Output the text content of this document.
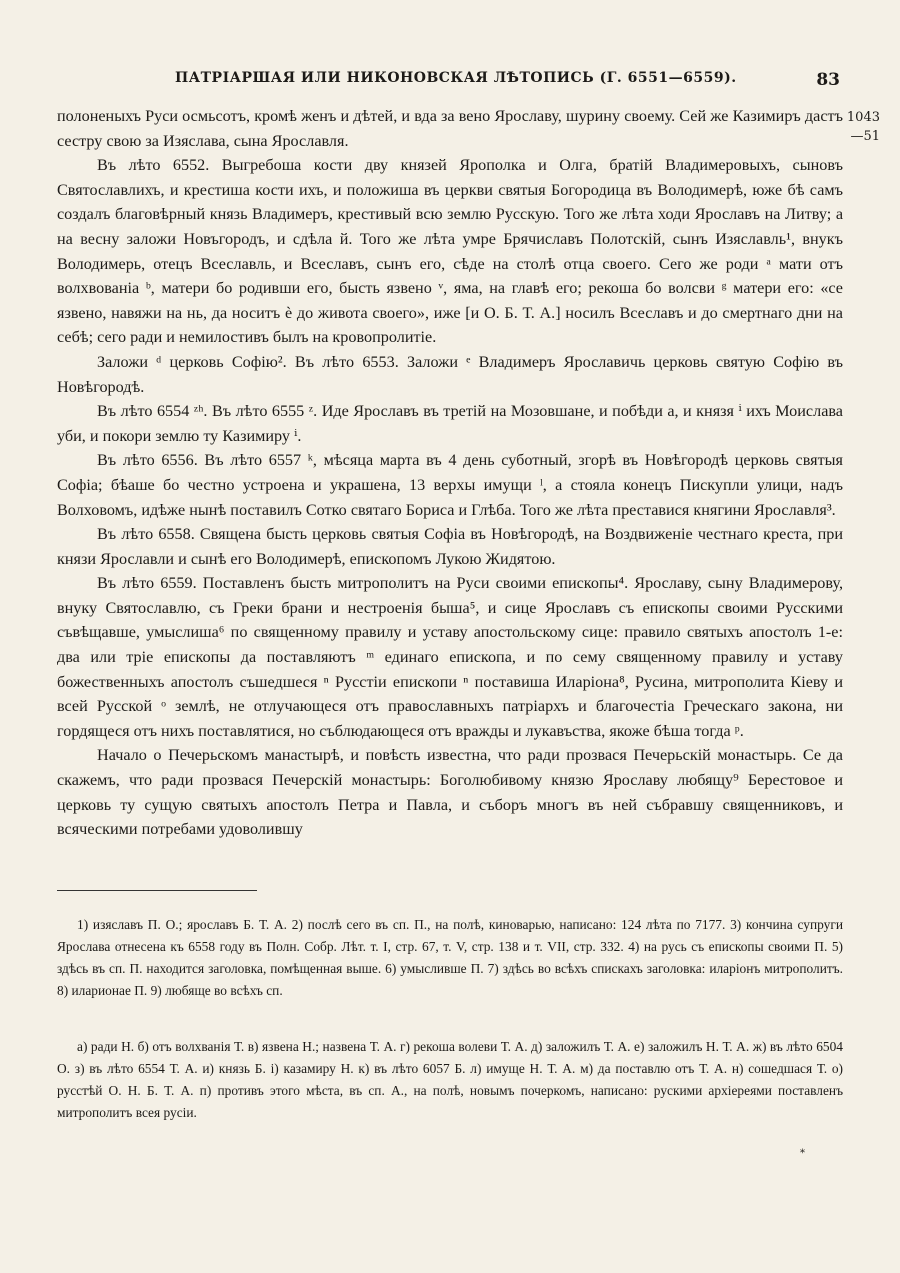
ПАТРІАРШАЯ ИЛИ НИКОНОВСКАЯ ЛѢТОПИСЬ (Г. 6551—6559).	83
1043
—51

полоненыхъ Руси осмьсотъ, кромѣ женъ и дѣтей, и вда за вено Ярославу, шурину своему. Сей же Казимиръ дастъ сестру свою за Изяслава, сына Ярославля.

Въ лѣто 6552. Выгребоша кости дву князей Ярополка и Олга, братій Владимеровыхъ, сыновъ Святославлихъ, и крестиша кости ихъ, и положиша въ церкви святыя Богородица въ Володимерѣ, юже бѣ самъ создалъ благовѣрный князь Владимеръ, крестивый всю землю Русскую. Того же лѣта ходи Ярославъ на Литву; а на весну заложи Новъгородъ, и сдѣла й. Того же лѣта умре Брячиславъ Полотскій, сынъ Изяславль¹, внукъ Володимерь, отецъ Всеславль, и Всеславъ, сынъ его, сѣде на столѣ отца своего. Сего же роди ᵃ мати отъ волхвованіа ᵇ, матери бо родивши его, бысть язвено ᵛ, яма, на главѣ его; рекоша бо волсви ᵍ матери его: «се язвено, навяжи на нь, да носитъ ѐ до живота своего», иже [и О. Б. Т. А.] носилъ Всеславъ и до смертнаго дни на себѣ; сего ради и немилостивъ былъ на кровопролитіе.

Заложи ᵈ церковь Софію². Въ лѣто 6553. Заложи ᵉ Владимеръ Ярославичь церковь святую Софію въ Новѣгородѣ.

Въ лѣто 6554 ᶻʰ. Въ лѣто 6555 ᶻ. Иде Ярославъ въ третій на Мозовшане, и побѣди а, и князя ⁱ ихъ Моислава уби, и покори землю ту Казимиру ⁱ.

Въ лѣто 6556. Въ лѣто 6557 ᵏ, мѣсяца марта въ 4 день суботный, згорѣ въ Новѣгородѣ церковь святыя Софіа; бѣаше бо честно устроена и украшена, 13 верхы имущи ˡ, а стояла конецъ Пискупли улици, надъ Волховомъ, идѣже нынѣ поставилъ Сотко святаго Бориса и Глѣба. Того же лѣта преставися княгини Ярославля³.

Въ лѣто 6558. Священа бысть церковь святыя Софіа въ Новѣгородѣ, на Воздвиженіе честнаго креста, при князи Ярославли и сынѣ его Володимерѣ, епископомъ Лукою Жидятою.

Въ лѣто 6559. Поставленъ бысть митрополитъ на Руси своими епископы⁴. Ярославу, сыну Владимерову, внуку Святославлю, съ Греки брани и нестроенія быша⁵, и сице Ярославъ съ епископы своими Русскими съвѣщавше, умыслиша⁶ по священному правилу и уставу апостольскому сице: правило святыхъ апостолъ 1-е: два или тріе епископы да поставляютъ ᵐ единаго епископа, и по сему священному правилу и уставу божественныхъ апостолъ съшедшеся ⁿ Русстіи епископи ⁿ поставиша Иларіона⁸, Русина, митрополита Кіеву и всей Русской ᵒ землѣ, не отлучающеся отъ православныхъ патріархъ и благочестіа Греческаго закона, ни гордящеся отъ нихъ поставлятися, но съблюдающеся отъ вражды и лукавъствa, якоже бѣша тогда ᵖ.

Начало о Печерьскомъ манастырѣ, и повѣсть известна, что ради прозвася Печерьскій монастырь. Се да скажемъ, что ради прозвася Печерскій монастырь: Боголюбивому князю Ярославу любящу⁹ Берестовое и церковь ту сущую святыхъ апостолъ Петра и Павла, и съборъ многъ въ ней събравшу священниковъ, и всяческими потребами удоволившу

1) изяславъ П. О.; ярославъ Б. Т. А. 2) послѣ сего въ сп. П., на полѣ, киноварью, написано: 124 лѣта по 7177. 3) кончина супруги Ярослава отнесена къ 6558 году въ Полн. Собр. Лѣт. т. I, стр. 67, т. V, стр. 138 и т. VII, стр. 332. 4) на русь съ епископы своими П. 5) здѣсь въ сп. П. находится заголовка, помѣщенная выше. 6) умысливше П. 7) здѣсь во всѣхъ спискахъ заголовка: иларіонъ митрополитъ. 8) иларионае П. 9) любяще во всѣхъ сп.

а) ради Н. б) отъ волхванія Т. в) язвена Н.; назвена Т. А. г) рекоша волеви Т. А. д) заложилъ Т. А. е) заложилъ Н. Т. А. ж) въ лѣто 6504 О. з) въ лѣто 6554 Т. А. и) князь Б. і) казамиру Н. к) въ лѣто 6057 Б. л) имуще Н. Т. А. м) да поставлю отъ Т. А. н) сошедшася Т. о) русстѣй О. Н. Б. Т. А. п) противъ этого мѣста, въ сп. А., на полѣ, новымъ почеркомъ, написано: рускими архіереями поставленъ митрополитъ всея русіи.

*
